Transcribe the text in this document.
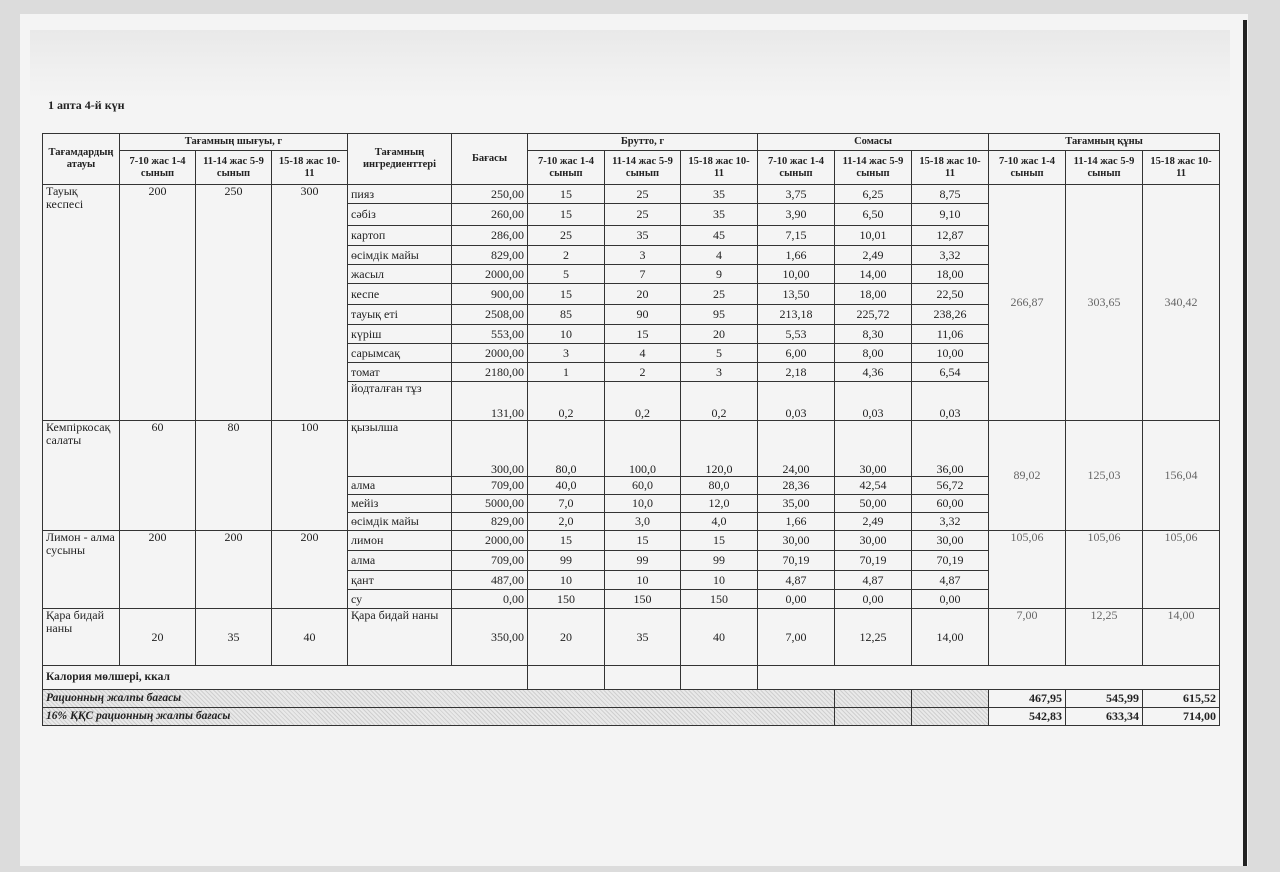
1 апта 4-й күн
Тағамдардың атауы	Тағамның шығуы, г			Тағамның ингредиенттері	Бағасы	Брутто, г			Сомасы			Тағамның құны		
	7-10 жас 1-4 сынып	11-14 жас 5-9 сынып	15-18 жас 10-11			7-10 жас 1-4 сынып	11-14 жас 5-9 сынып	15-18 жас 10-11	7-10 жас 1-4 сынып	11-14 жас 5-9 сынып	15-18 жас 10-11	7-10 жас 1-4 сынып	11-14 жас 5-9 сынып	15-18 жас 10-11
Тауық кеспесі	200	250	300	пияз	250,00	15	25	35	3,75	6,25	8,75	266,87	303,65	340,42
				сәбіз	260,00	15	25	35	3,90	6,50	9,10			
				картоп	286,00	25	35	45	7,15	10,01	12,87			
				өсімдік майы	829,00	2	3	4	1,66	2,49	3,32			
				жасыл	2000,00	5	7	9	10,00	14,00	18,00			
				кеспе	900,00	15	20	25	13,50	18,00	22,50			
				тауық еті	2508,00	85	90	95	213,18	225,72	238,26			
				күріш	553,00	10	15	20	5,53	8,30	11,06			
				сарымсақ	2000,00	3	4	5	6,00	8,00	10,00			
				томат	2180,00	1	2	3	2,18	4,36	6,54			
				йодталған тұз	131,00	0,2	0,2	0,2	0,03	0,03	0,03			
Кемпіркосақ салаты	60	80	100	қызылша	300,00	80,0	100,0	120,0	24,00	30,00	36,00	89,02	125,03	156,04
				алма	709,00	40,0	60,0	80,0	28,36	42,54	56,72			
				мейіз	5000,00	7,0	10,0	12,0	35,00	50,00	60,00			
				өсімдік майы	829,00	2,0	3,0	4,0	1,66	2,49	3,32			
Лимон - алма сусыны	200	200	200	лимон	2000,00	15	15	15	30,00	30,00	30,00	105,06	105,06	105,06
				алма	709,00	99	99	99	70,19	70,19	70,19			
				қант	487,00	10	10	10	4,87	4,87	4,87			
				су	0,00	150	150	150	0,00	0,00	0,00			
Қара бидай наны	20	35	40	Қара бидай наны	350,00	20	35	40	7,00	12,25	14,00	7,00	12,25	14,00
Калория мөлшері, ккал														
Рационның жалпы бағасы												467,95	545,99	615,52
16% ҚҚС рационның жалпы бағасы												542,83	633,34	714,00
